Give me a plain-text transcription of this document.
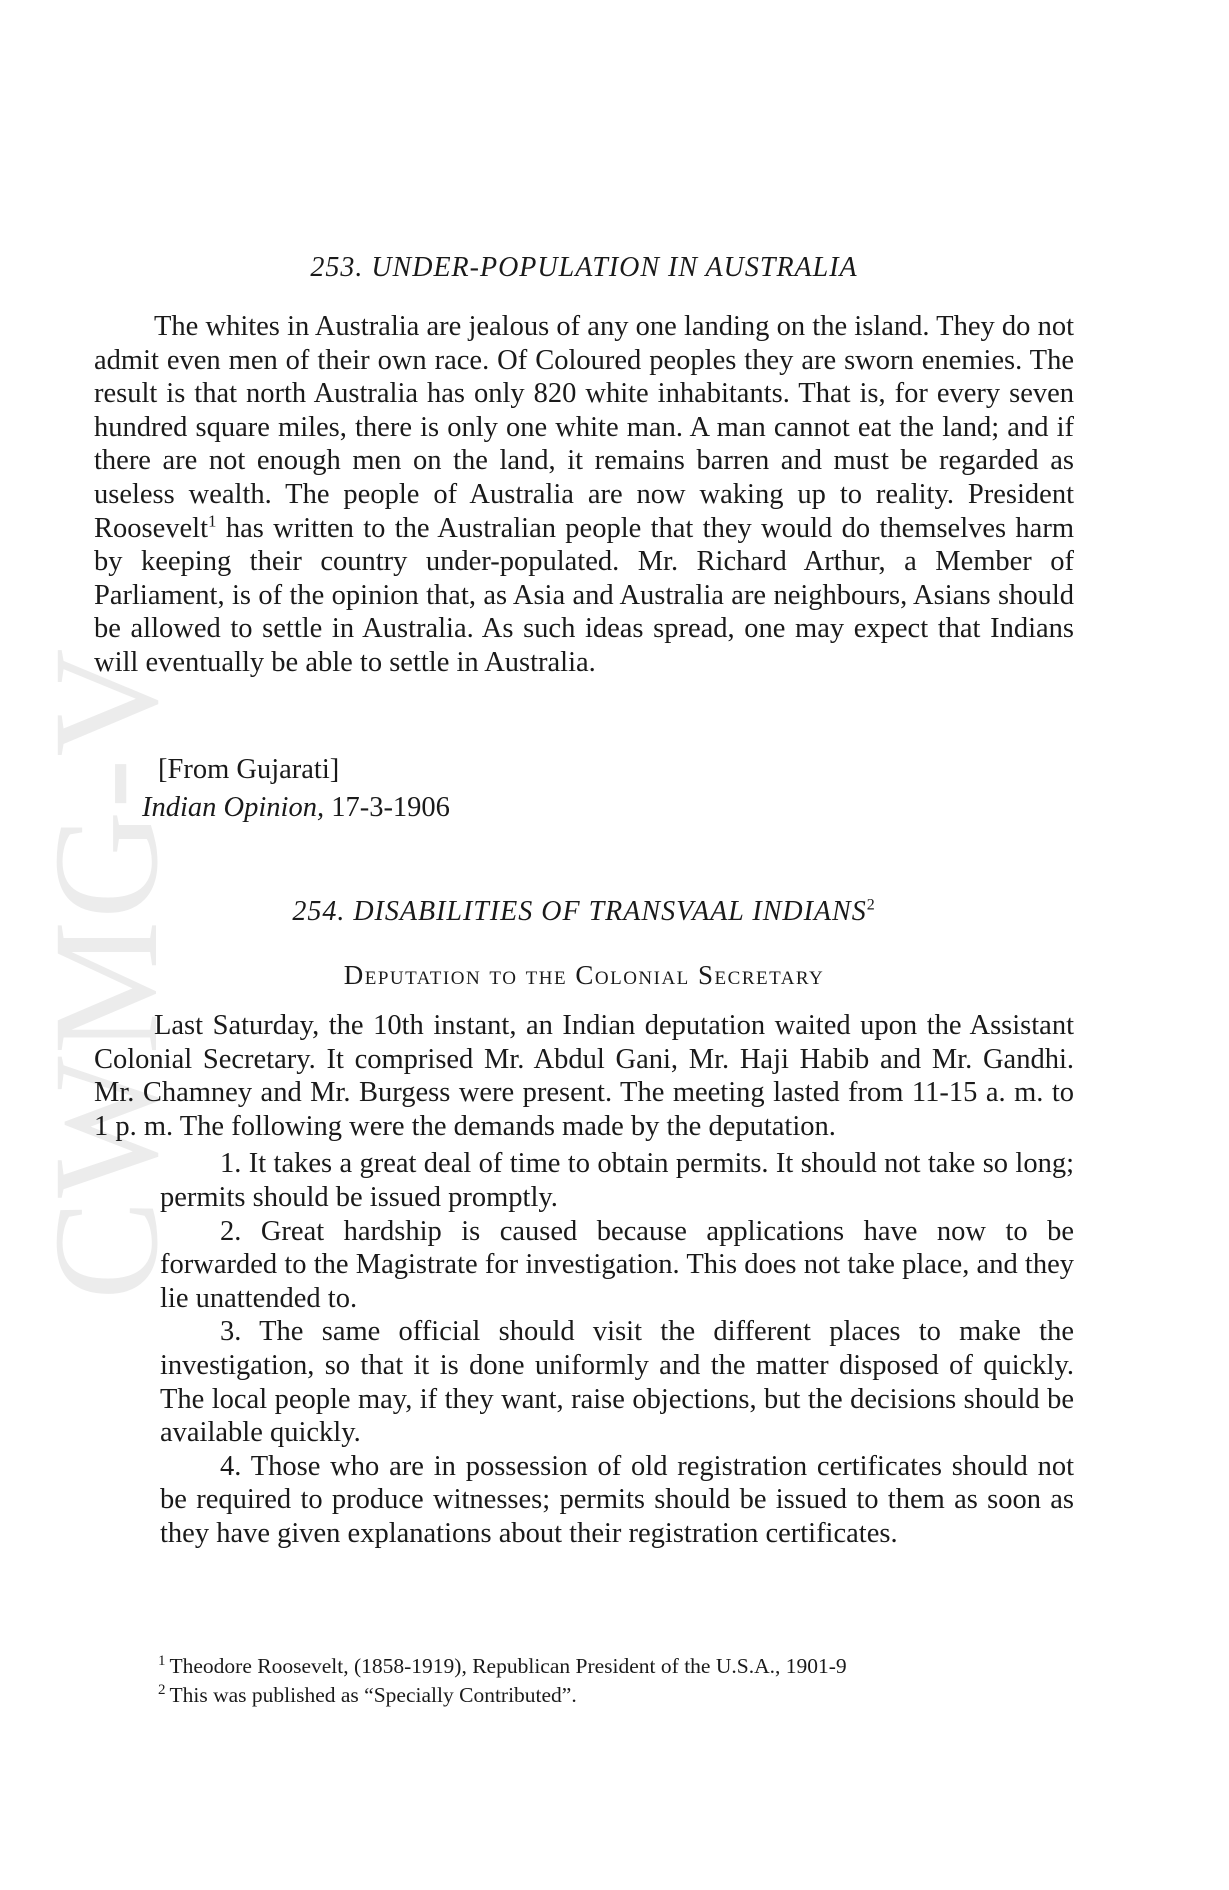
CWMG-V
253. UNDER-POPULATION IN AUSTRALIA

The whites in Australia are jealous of any one landing on the island. They do not admit even men of their own race. Of Coloured peoples they are sworn enemies. The result is that north Australia has only 820 white inhabitants. That is, for every seven hundred square miles, there is only one white man. A man cannot eat the land; and if there are not enough men on the land, it remains barren and must be regarded as useless wealth. The people of Australia are now waking up to reality. President Roosevelt$^1$ has written to the Australian people that they would do themselves harm by keeping their country under-populated. Mr. Richard Arthur, a Member of Parliament, is of the opinion that, as Asia and Australia are neighbours, Asians should be allowed to settle in Australia. As such ideas spread, one may expect that Indians will eventually be able to settle in Australia.

[From Gujarati]
Indian Opinion, 17-3-1906
254. DISABILITIES OF TRANSVAAL INDIANS$^2$
Deputation to the Colonial Secretary

Last Saturday, the 10th instant, an Indian deputation waited upon the Assistant Colonial Secretary. It comprised Mr. Abdul Gani, Mr. Haji Habib and Mr. Gandhi. Mr. Chamney and Mr. Burgess were present. The meeting lasted from 11-15 a. m. to 1 p. m. The following were the demands made by the deputation.

1. It takes a great deal of time to obtain permits. It should not take so long; permits should be issued promptly.

2. Great hardship is caused because applications have now to be forwarded to the Magistrate for investigation. This does not take place, and they lie unattended to.

3. The same official should visit the different places to make the investigation, so that it is done uniformly and the matter disposed of quickly. The local people may, if they want, raise objections, but the decisions should be available quickly.

4. Those who are in possession of old registration certificates should not be required to produce witnesses; permits should be issued to them as soon as they have given explanations about their registration certificates.

$^1$ Theodore Roosevelt, (1858-1919), Republican President of the U.S.A., 1901-9
$^2$ This was published as “Specially Contributed”.
